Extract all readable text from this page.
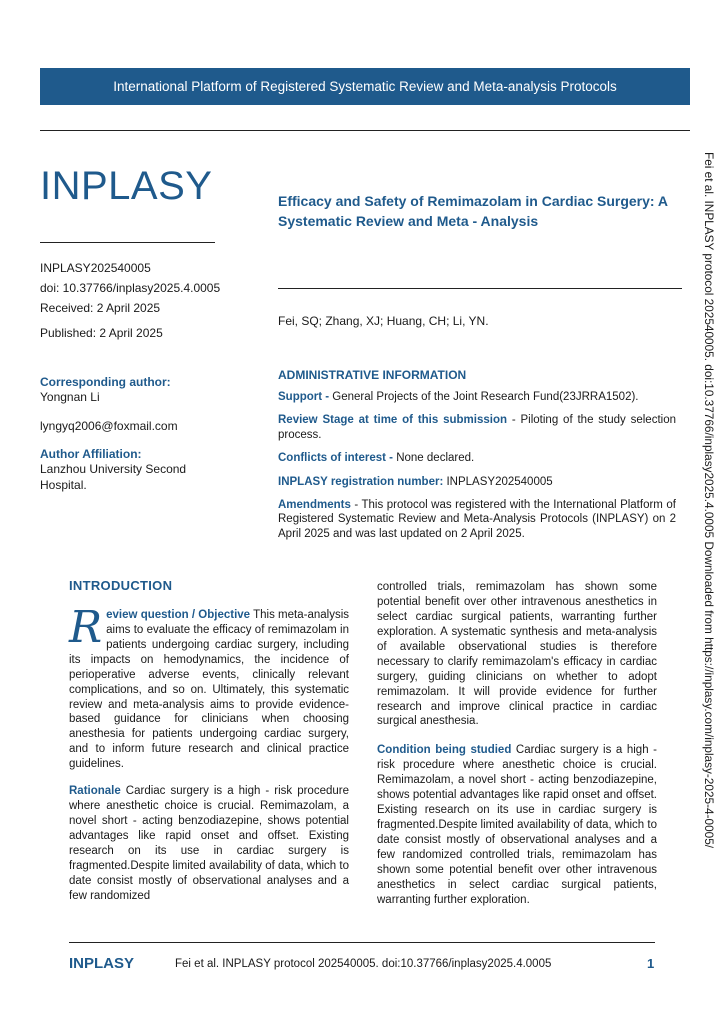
International Platform of Registered Systematic Review and Meta-analysis Protocols
INPLASY
INPLASY202540005
doi: 10.37766/inplasy2025.4.0005
Received: 2 April 2025
Published: 2 April 2025
Efficacy and Safety of Remimazolam in Cardiac Surgery: A Systematic Review and Meta - Analysis
Fei, SQ; Zhang, XJ; Huang, CH; Li, YN.
Corresponding author:
Yongnan Li
lyngyq2006@foxmail.com
Author Affiliation:
Lanzhou University Second Hospital.
ADMINISTRATIVE INFORMATION

Support - General Projects of the Joint Research Fund(23JRRA1502).

Review Stage at time of this submission - Piloting of the study selection process.

Conflicts of interest - None declared.

INPLASY registration number: INPLASY202540005

Amendments - This protocol was registered with the International Platform of Registered Systematic Review and Meta-Analysis Protocols (INPLASY) on 2 April 2025 and was last updated on 2 April 2025.

INTRODUCTION

Review question / Objective This meta-analysis aims to evaluate the efficacy of remimazolam in patients undergoing cardiac surgery, including its impacts on hemodynamics, the incidence of perioperative adverse events, clinically relevant complications, and so on. Ultimately, this systematic review and meta-analysis aims to provide evidence-based guidance for clinicians when choosing anesthesia for patients undergoing cardiac surgery, and to inform future research and clinical practice guidelines.

Rationale Cardiac surgery is a high - risk procedure where anesthetic choice is crucial. Remimazolam, a novel short - acting benzodiazepine, shows potential advantages like rapid onset and offset. Existing research on its use in cardiac surgery is fragmented.Despite limited availability of data, which to date consist mostly of observational analyses and a few randomized

controlled trials, remimazolam has shown some potential benefit over other intravenous anesthetics in select cardiac surgical patients, warranting further exploration. A systematic synthesis and meta-analysis of available observational studies is therefore necessary to clarify remimazolam's efficacy in cardiac surgery, guiding clinicians on whether to adopt remimazolam. It will provide evidence for further research and improve clinical practice in cardiac surgical anesthesia.

Condition being studied Cardiac surgery is a high - risk procedure where anesthetic choice is crucial. Remimazolam, a novel short - acting benzodiazepine, shows potential advantages like rapid onset and offset. Existing research on its use in cardiac surgery is fragmented.Despite limited availability of data, which to date consist mostly of observational analyses and a few randomized controlled trials, remimazolam has shown some potential benefit over other intravenous anesthetics in select cardiac surgical patients, warranting further exploration.

Fei et al. INPLASY protocol 202540005. doi:10.37766/inplasy2025.4.0005 Downloaded from https://inplasy.com/inplasy-2025-4-0005/
INPLASY	Fei et al. INPLASY protocol 202540005. doi:10.37766/inplasy2025.4.0005	1
